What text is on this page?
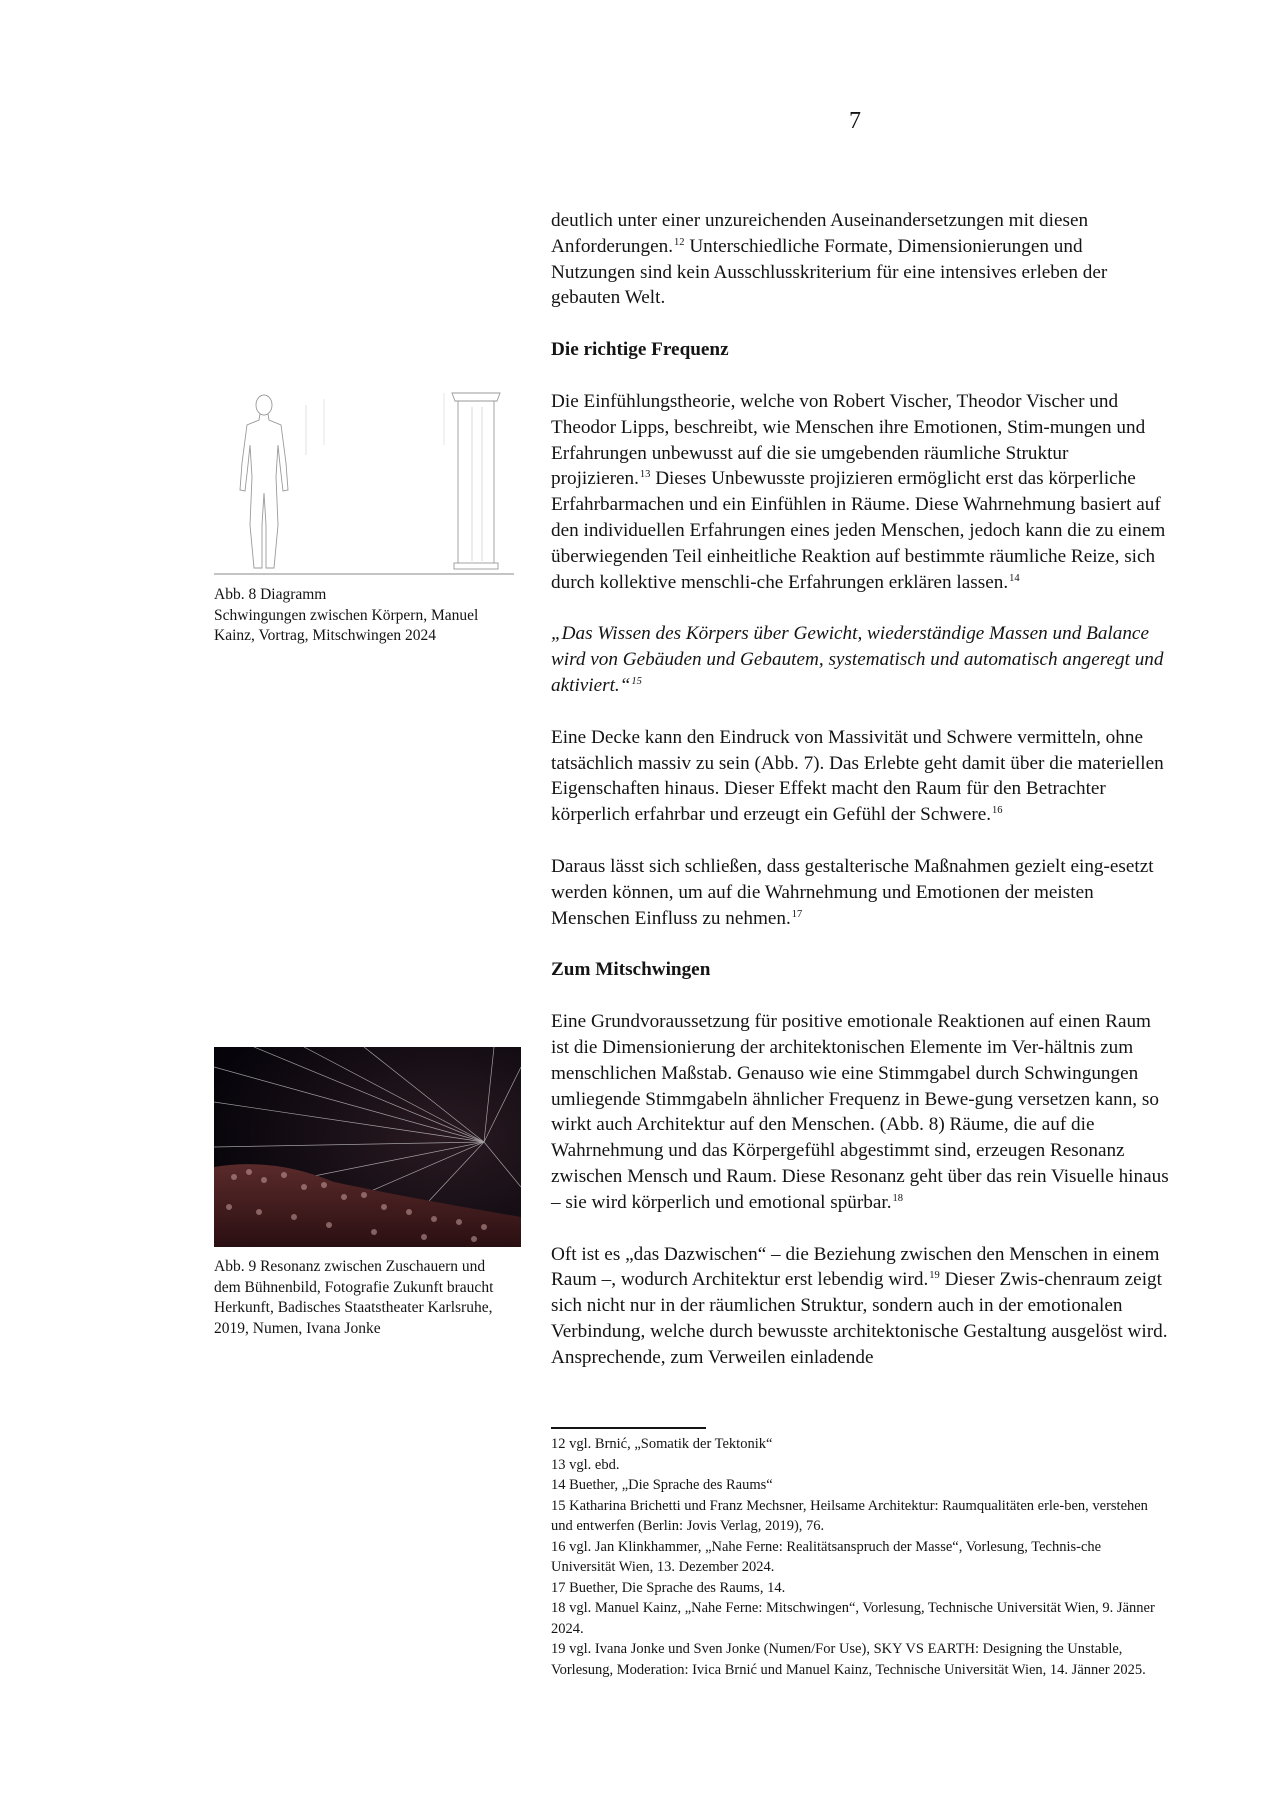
7
Abb. 8 Diagramm
Schwingungen zwischen Körpern, Manuel Kainz, Vortrag, Mitschwingen 2024
Abb. 9 Resonanz zwischen Zuschauern und dem Bühnenbild, Fotografie Zukunft braucht Herkunft, Badisches Staatstheater Karlsruhe, 2019, Numen, Ivana Jonke

deutlich unter einer unzureichenden Auseinandersetzungen mit diesen Anforderungen.$^{12}$ Unterschiedliche Formate, Dimensionierungen und Nutzungen sind kein Ausschlusskriterium für eine intensives erleben der gebauten Welt.

Die richtige Frequenz

Die Einfühlungstheorie, welche von Robert Vischer, Theodor Vischer und Theodor Lipps, beschreibt, wie Menschen ihre Emotionen, Stim-mungen und Erfahrungen unbewusst auf die sie umgebenden räumliche Struktur projizieren.$^{13}$ Dieses Unbewusste projizieren ermöglicht erst das körperliche Erfahrbarmachen und ein Einfühlen in Räume. Diese Wahrnehmung basiert auf den individuellen Erfahrungen eines jeden Menschen, jedoch kann die zu einem überwiegenden Teil einheitliche Reaktion auf bestimmte räumliche Reize, sich durch kollektive menschli-che Erfahrungen erklären lassen.$^{14}$

„Das Wissen des Körpers über Gewicht, wiederständige Massen und Balance wird von Gebäuden und Gebautem, systematisch und automatisch angeregt und aktiviert.“$^{15}$

Eine Decke kann den Eindruck von Massivität und Schwere vermitteln, ohne tatsächlich massiv zu sein (Abb. 7). Das Erlebte geht damit über die materiellen Eigenschaften hinaus. Dieser Effekt macht den Raum für den Betrachter körperlich erfahrbar und erzeugt ein Gefühl der Schwere.$^{16}$

Daraus lässt sich schließen, dass gestalterische Maßnahmen gezielt eing-esetzt werden können, um auf die Wahrnehmung und Emotionen der meisten Menschen Einfluss zu nehmen.$^{17}$

Zum Mitschwingen

Eine Grundvoraussetzung für positive emotionale Reaktionen auf einen Raum ist die Dimensionierung der architektonischen Elemente im Ver-hältnis zum menschlichen Maßstab. Genauso wie eine Stimmgabel durch Schwingungen umliegende Stimmgabeln ähnlicher Frequenz in Bewe-gung versetzen kann, so wirkt auch Architektur auf den Menschen. (Abb. 8) Räume, die auf die Wahrnehmung und das Körpergefühl abgestimmt sind, erzeugen Resonanz zwischen Mensch und Raum. Diese Resonanz geht über das rein Visuelle hinaus – sie wird körperlich und emotional spürbar.$^{18}$

Oft ist es „das Dazwischen“ – die Beziehung zwischen den Menschen in einem Raum –, wodurch Architektur erst lebendig wird.$^{19}$ Dieser Zwis-chenraum zeigt sich nicht nur in der räumlichen Struktur, sondern auch in der emotionalen Verbindung, welche durch bewusste architektonische Gestaltung ausgelöst wird. Ansprechende, zum Verweilen einladende

12 vgl. Brnić, „Somatik der Tektonik“
13 vgl. ebd.
14 Buether, „Die Sprache des Raums“
15 Katharina Brichetti und Franz Mechsner, Heilsame Architektur: Raumqualitäten erle-ben, verstehen und entwerfen (Berlin: Jovis Verlag, 2019), 76.
16 vgl. Jan Klinkhammer, „Nahe Ferne: Realitätsanspruch der Masse“, Vorlesung, Technis-che Universität Wien, 13. Dezember 2024.
17 Buether, Die Sprache des Raums, 14.
18 vgl. Manuel Kainz, „Nahe Ferne: Mitschwingen“, Vorlesung, Technische Universität Wien, 9. Jänner 2024.
19 vgl. Ivana Jonke und Sven Jonke (Numen/For Use), SKY VS EARTH: Designing the Unstable, Vorlesung, Moderation: Ivica Brnić und Manuel Kainz, Technische Universität Wien, 14. Jänner 2025.
